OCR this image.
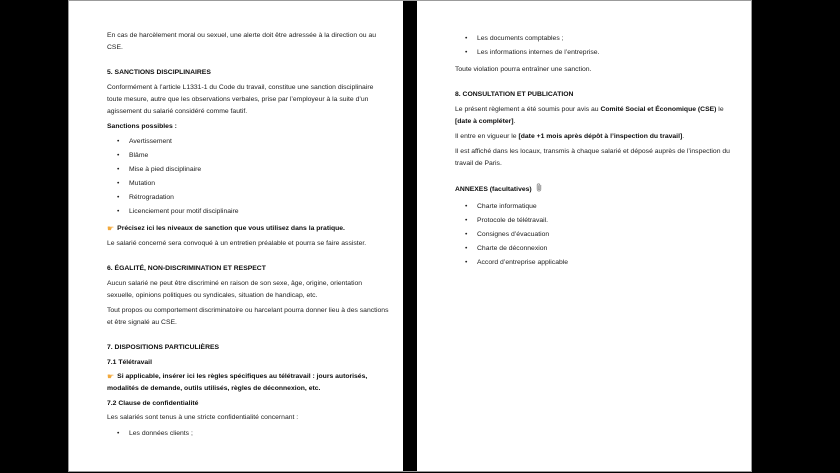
En cas de harcèlement moral ou sexuel, une alerte doit être adressée à la direction ou au CSE.

5. SANCTIONS DISCIPLINAIRES

Conformément à l’article L1331-1 du Code du travail, constitue une sanction disciplinaire toute mesure, autre que les observations verbales, prise par l’employeur à la suite d’un agissement du salarié considéré comme fautif.

Sanctions possibles :

• Avertissement
• Blâme
• Mise à pied disciplinaire
• Mutation
• Rétrogradation
• Licenciement pour motif disciplinaire

☛ Précisez ici les niveaux de sanction que vous utilisez dans la pratique.

Le salarié concerné sera convoqué à un entretien préalable et pourra se faire assister.

6. ÉGALITÉ, NON-DISCRIMINATION ET RESPECT

Aucun salarié ne peut être discriminé en raison de son sexe, âge, origine, orientation sexuelle, opinions politiques ou syndicales, situation de handicap, etc.

Tout propos ou comportement discriminatoire ou harcelant pourra donner lieu à des sanctions et être signalé au CSE.

7. DISPOSITIONS PARTICULIÈRES

7.1 Télétravail

☛ Si applicable, insérer ici les règles spécifiques au télétravail : jours autorisés, modalités de demande, outils utilisés, règles de déconnexion, etc.

7.2 Clause de confidentialité

Les salariés sont tenus à une stricte confidentialité concernant :

• Les données clients ;
• Les documents comptables ;
• Les informations internes de l’entreprise.

Toute violation pourra entraîner une sanction.

8. CONSULTATION ET PUBLICATION

Le présent règlement a été soumis pour avis au Comité Social et Économique (CSE) le [date à compléter].

Il entre en vigueur le [date +1 mois après dépôt à l’inspection du travail].

Il est affiché dans les locaux, transmis à chaque salarié et déposé auprès de l’inspection du travail de Paris.

ANNEXES (facultatives)

• Charte informatique
• Protocole de télétravail.
• Consignes d’évacuation
• Charte de déconnexion
• Accord d’entreprise applicable
